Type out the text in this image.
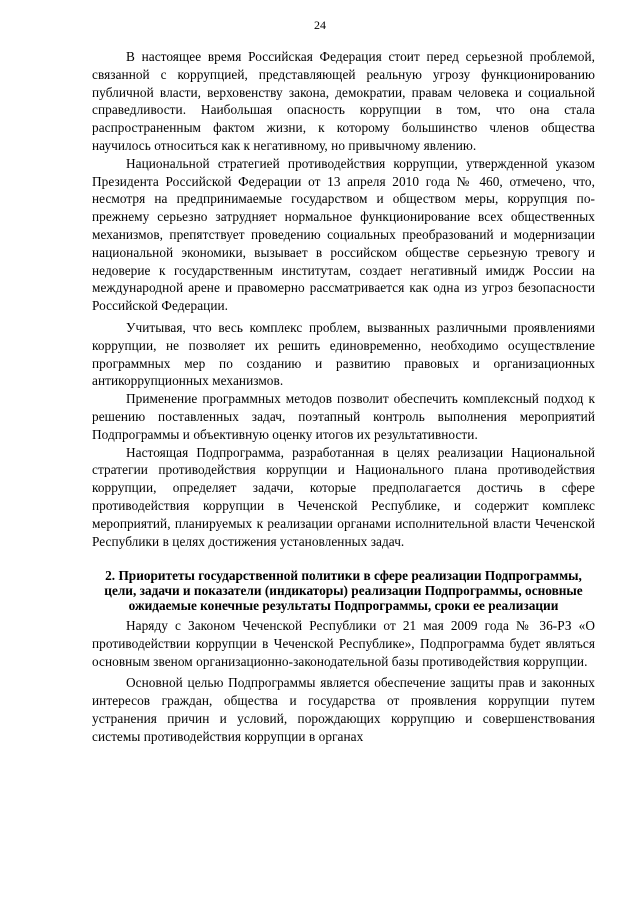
24

В настоящее время Российская Федерация стоит перед серьезной проблемой, связанной с коррупцией, представляющей реальную угрозу функционированию публичной власти, верховенству закона, демократии, правам человека и социальной справедливости. Наибольшая опасность коррупции в том, что она стала распространенным фактом жизни, к которому большинство членов общества научилось относиться как к негативному, но привычному явлению.

Национальной стратегией противодействия коррупции, утвержденной указом Президента Российской Федерации от 13 апреля 2010 года № 460, отмечено, что, несмотря на предпринимаемые государством и обществом меры, коррупция по-прежнему серьезно затрудняет нормальное функционирование всех общественных механизмов, препятствует проведению социальных преобразований и модернизации национальной экономики, вызывает в российском обществе серьезную тревогу и недоверие к государственным институтам, создает негативный имидж России на международной арене и правомерно рассматривается как одна из угроз безопасности Российской Федерации.

Учитывая, что весь комплекс проблем, вызванных различными проявлениями коррупции, не позволяет их решить единовременно, необходимо осуществление программных мер по созданию и развитию правовых и организационных антикоррупционных механизмов.

Применение программных методов позволит обеспечить комплексный подход к решению поставленных задач, поэтапный контроль выполнения мероприятий Подпрограммы и объективную оценку итогов их результативности.

Настоящая Подпрограмма, разработанная в целях реализации Национальной стратегии противодействия коррупции и Национального плана противодействия коррупции, определяет задачи, которые предполагается достичь в сфере противодействия коррупции в Чеченской Республике, и содержит комплекс мероприятий, планируемых к реализации органами исполнительной власти Чеченской Республики в целях достижения установленных задач.

2. Приоритеты государственной политики в сфере реализации Подпрограммы, цели, задачи и показатели (индикаторы) реализации Подпрограммы, основные ожидаемые конечные результаты Подпрограммы, сроки ее реализации

Наряду с Законом Чеченской Республики от 21 мая 2009 года № 36-РЗ «О противодействии коррупции в Чеченской Республике», Подпрограмма будет являться основным звеном организационно-законодательной базы противодействия коррупции.

Основной целью Подпрограммы является обеспечение защиты прав и законных интересов граждан, общества и государства от проявления коррупции путем устранения причин и условий, порождающих коррупцию и совершенствования системы противодействия коррупции в органах
